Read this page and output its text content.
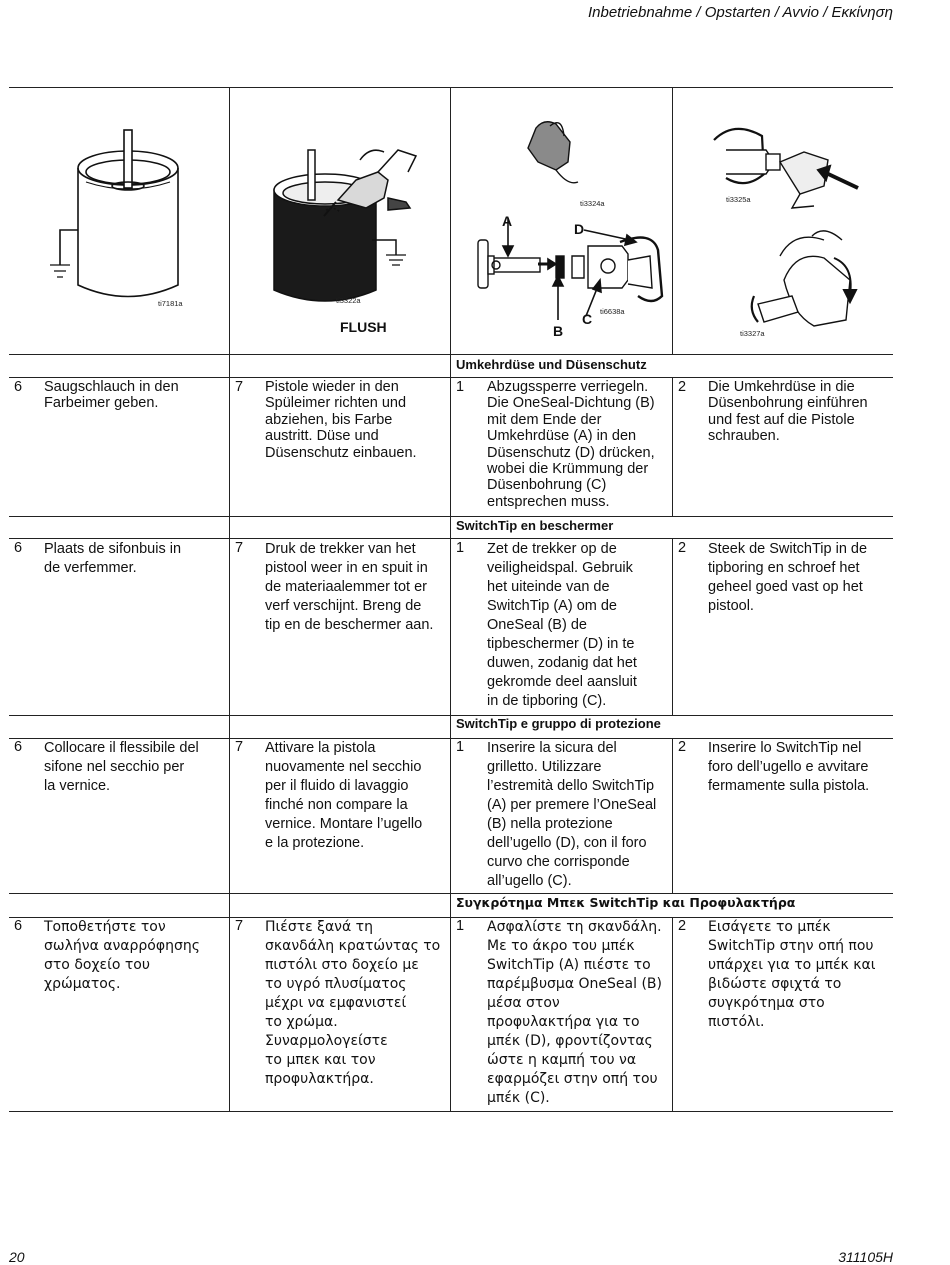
Inbetriebnahme / Opstarten / Avvio / Εκκίνηση
ti7181a	ti3322a
FLUSH
ti3324a
ti6638a
A	D
B
C
ti3325a
ti3327a
Umkehrdüse und Düsenschutz
6 Saugschlauch in den
Farbeimer geben.
7 Pistole wieder in den
Spüleimer richten und
abziehen, bis Farbe
austritt. Düse und
Düsenschutz einbauen.
1 Abzugssperre verriegeln.
Die OneSeal-Dichtung (B)
mit dem Ende der
Umkehrdüse (A) in den
Düsenschutz (D) drücken,
wobei die Krümmung der
Düsenbohrung (C)
entsprechen muss.
2 Die Umkehrdüse in die
Düsenbohrung einführen
und fest auf die Pistole
schrauben.
SwitchTip en beschermer
6 Plaats de sifonbuis in
de verfemmer.
7 Druk de trekker van het
pistool weer in en spuit in
de materiaalemmer tot er
verf verschijnt. Breng de
tip en de beschermer aan.
1 Zet de trekker op de
veiligheidspal. Gebruik
het uiteinde van de
SwitchTip (A) om de
OneSeal (B) de
tipbeschermer (D) in te
duwen, zodanig dat het
gekromde deel aansluit
in de tipboring (C).
2 Steek de SwitchTip in de
tipboring en schroef het
geheel goed vast op het
pistool.
SwitchTip e gruppo di protezione
6 Collocare il flessibile del
sifone nel secchio per
la vernice.
7 Attivare la pistola
nuovamente nel secchio
per il fluido di lavaggio
finché non compare la
vernice. Montare l’ugello
e la protezione.
1 Inserire la sicura del
grilletto. Utilizzare
l’estremità dello SwitchTip
(A) per premere l’OneSeal
(B) nella protezione
dell’ugello (D), con il foro
curvo che corrisponde
all’ugello (C).
2 Inserire lo SwitchTip nel
foro dell’ugello e avvitare
fermamente sulla pistola.
Συγκρότημα Μπεκ SwitchTip και Προφυλακτήρα
6 Τοποθετήστε τον
σωλήνα αναρρόφησης
στο δοχείο του
χρώματος.
7 Πιέστε ξανά τη
σκανδάλη κρατώντας το
πιστόλι στο δοχείο με
το υγρό πλυσίματος
μέχρι να εμφανιστεί
το χρώμα.
Συναρμολογείστε
το μπεκ και τον
προφυλακτήρα.
1 Ασφαλίστε τη σκανδάλη.
Με το άκρο του μπέκ
SwitchTip (A) πιέστε το
παρέμβυσμα OneSeal (B)
μέσα στον
προφυλακτήρα για το
μπέκ (D), φροντίζοντας
ώστε η καμπή του να
εφαρμόζει στην οπή του
μπέκ (C).
2 Εισάγετε το μπέκ
SwitchTip στην οπή που
υπάρχει για το μπέκ και
βιδώστε σφιχτά το
συγκρότημα στο
πιστόλι.
20	311105H
